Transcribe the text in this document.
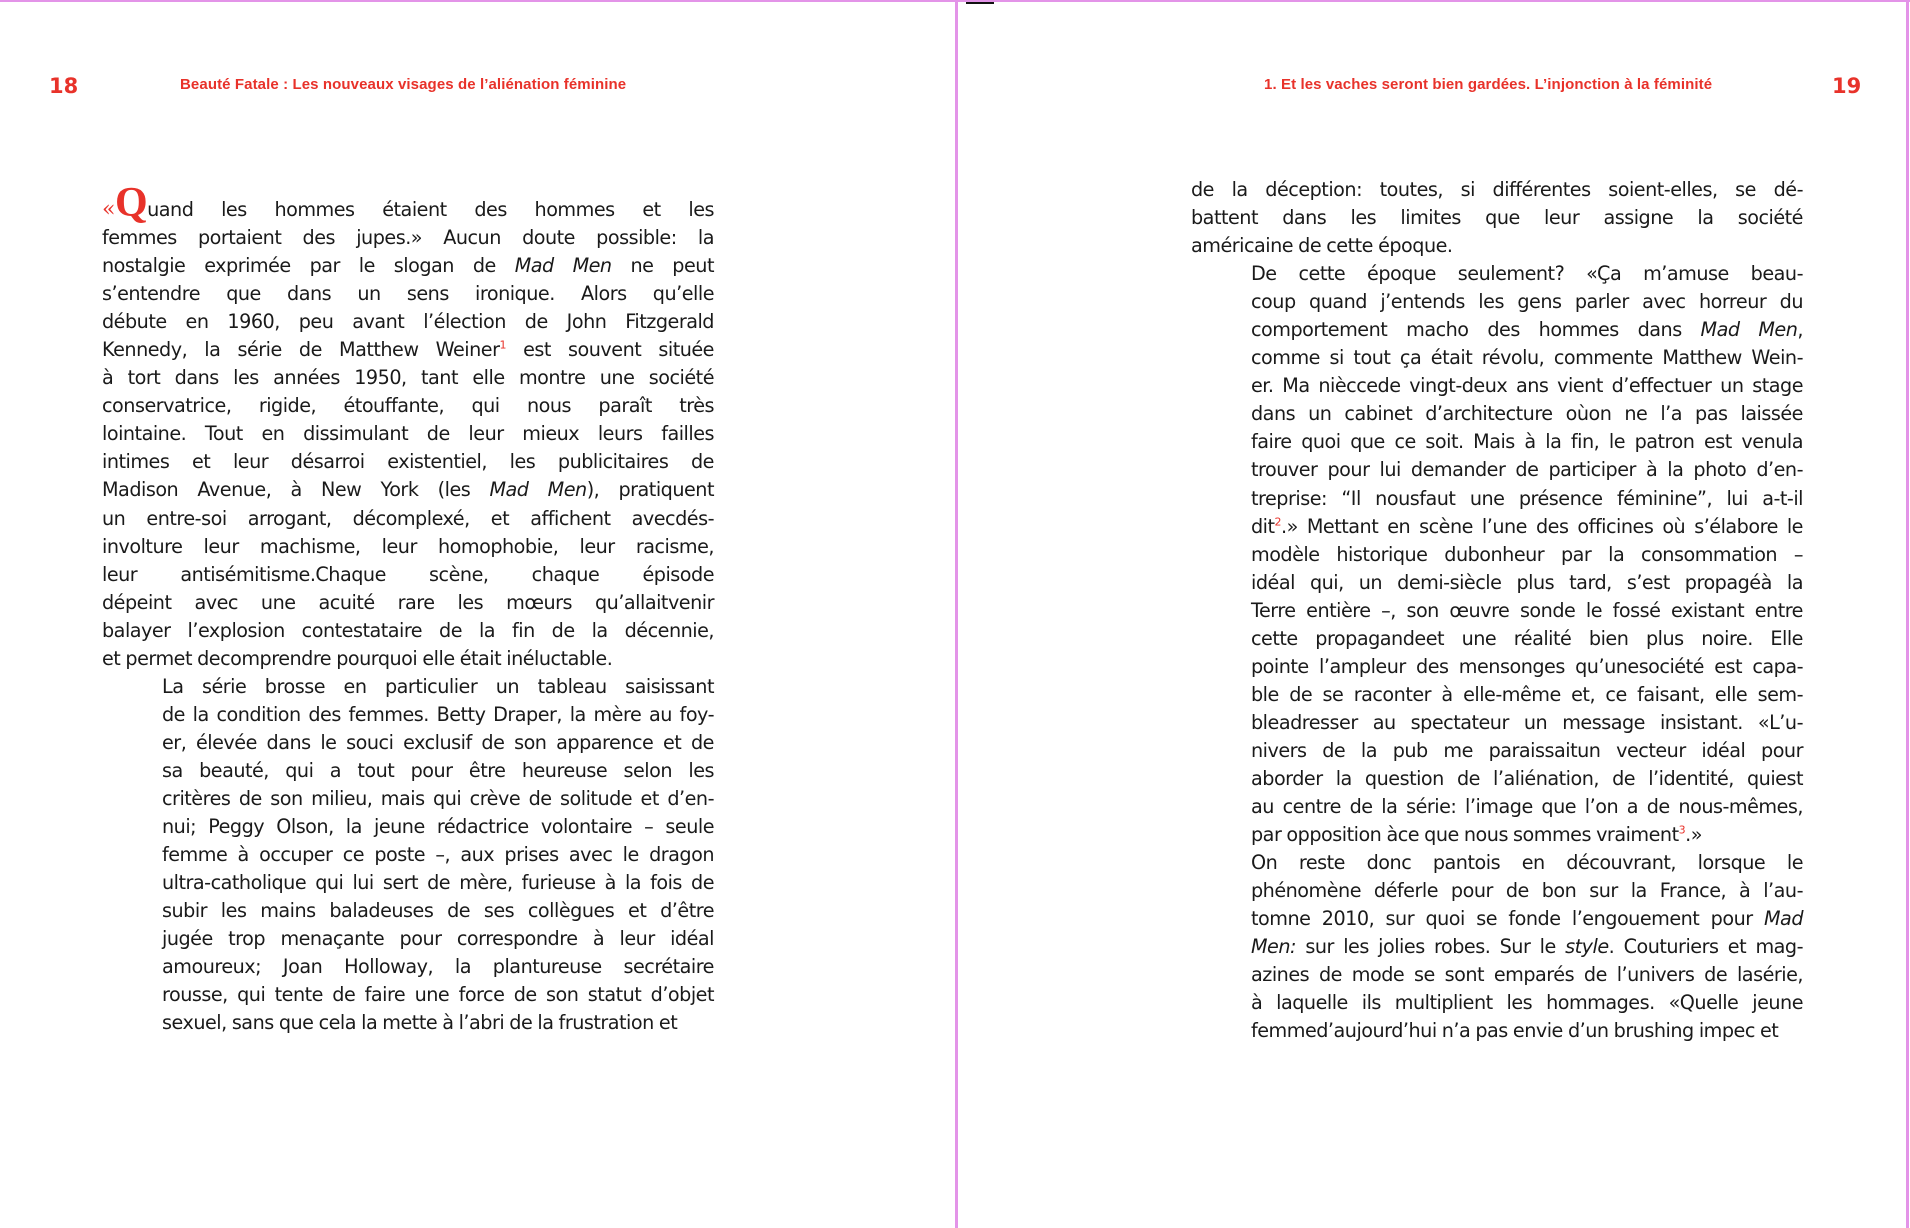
18	Beauté Fatale : Les nouveaux visages de l’aliénation féminine

«Quand les hommes étaient des hommes et les
femmes portaient des jupes.» Aucun doute possible: la
nostalgie exprimée par le slogan de Mad Men ne peut
s’entendre que dans un sens ironique. Alors qu’elle
débute en 1960, peu avant l’élection de John Fitzgerald
Kennedy, la série de Matthew Weiner$^1$ est souvent située
à tort dans les années 1950, tant elle montre une société
conservatrice, rigide, étouffante, qui nous paraît très
lointaine. Tout en dissimulant de leur mieux leurs failles
intimes et leur désarroi existentiel, les publicitaires de
Madison Avenue, à New York (les Mad Men), pratiquent
un entre-soi arrogant, décomplexé, et affichent avecdés-
involture leur machisme, leur homophobie, leur racisme,
leur antisémitisme.Chaque scène, chaque épisode
dépeint avec une acuité rare les mœurs qu’allaitvenir
balayer l’explosion contestataire de la fin de la décennie,
et permet decomprendre pourquoi elle était inéluctable.

La série brosse en particulier un tableau saisissant
de la condition des femmes. Betty Draper, la mère au foy-
er, élevée dans le souci exclusif de son apparence et de
sa beauté, qui a tout pour être heureuse selon les
critères de son milieu, mais qui crève de solitude et d’en-
nui; Peggy Olson, la jeune rédactrice volontaire – seule
femme à occuper ce poste –, aux prises avec le dragon
ultra-catholique qui lui sert de mère, furieuse à la fois de
subir les mains baladeuses de ses collègues et d’être
jugée trop menaçante pour correspondre à leur idéal
amoureux; Joan Holloway, la plantureuse secrétaire
rousse, qui tente de faire une force de son statut d’objet
sexuel, sans que cela la mette à l’abri de la frustration et

1. Et les vaches seront bien gardées. L’injonction à la féminité	19

de la déception: toutes, si différentes soient-elles, se dé-
battent dans les limites que leur assigne la société
américaine de cette époque.

De cette époque seulement? «Ça m’amuse beau-
coup quand j’entends les gens parler avec horreur du
comportement macho des hommes dans Mad Men,
comme si tout ça était révolu, commente Matthew Wein-
er. Ma nièccede vingt-deux ans vient d’effectuer un stage
dans un cabinet d’architecture oùon ne l’a pas laissée
faire quoi que ce soit. Mais à la fin, le patron est venula
trouver pour lui demander de participer à la photo d’en-
treprise: “Il nousfaut une présence féminine”, lui a-t-il
dit$^2$.» Mettant en scène l’une des officines où s’élabore le
modèle historique dubonheur par la consommation –
idéal qui, un demi-siècle plus tard, s’est propagéà la
Terre entière –, son œuvre sonde le fossé existant entre
cette propagandeet une réalité bien plus noire. Elle
pointe l’ampleur des mensonges qu’unesociété est capa-
ble de se raconter à elle-même et, ce faisant, elle sem-
bleadresser au spectateur un message insistant. «L’u-
nivers de la pub me paraissaitun vecteur idéal pour
aborder la question de l’aliénation, de l’identité, quiest
au centre de la série: l’image que l’on a de nous-mêmes,
par opposition àce que nous sommes vraiment$^3$.»

On reste donc pantois en découvrant, lorsque le
phénomène déferle pour de bon sur la France, à l’au-
tomne 2010, sur quoi se fonde l’engouement pour Mad
Men: sur les jolies robes. Sur le style. Couturiers et mag-
azines de mode se sont emparés de l’univers de lasérie,
à laquelle ils multiplient les hommages. «Quelle jeune
femmed’aujourd’hui n’a pas envie d’un brushing impec et
